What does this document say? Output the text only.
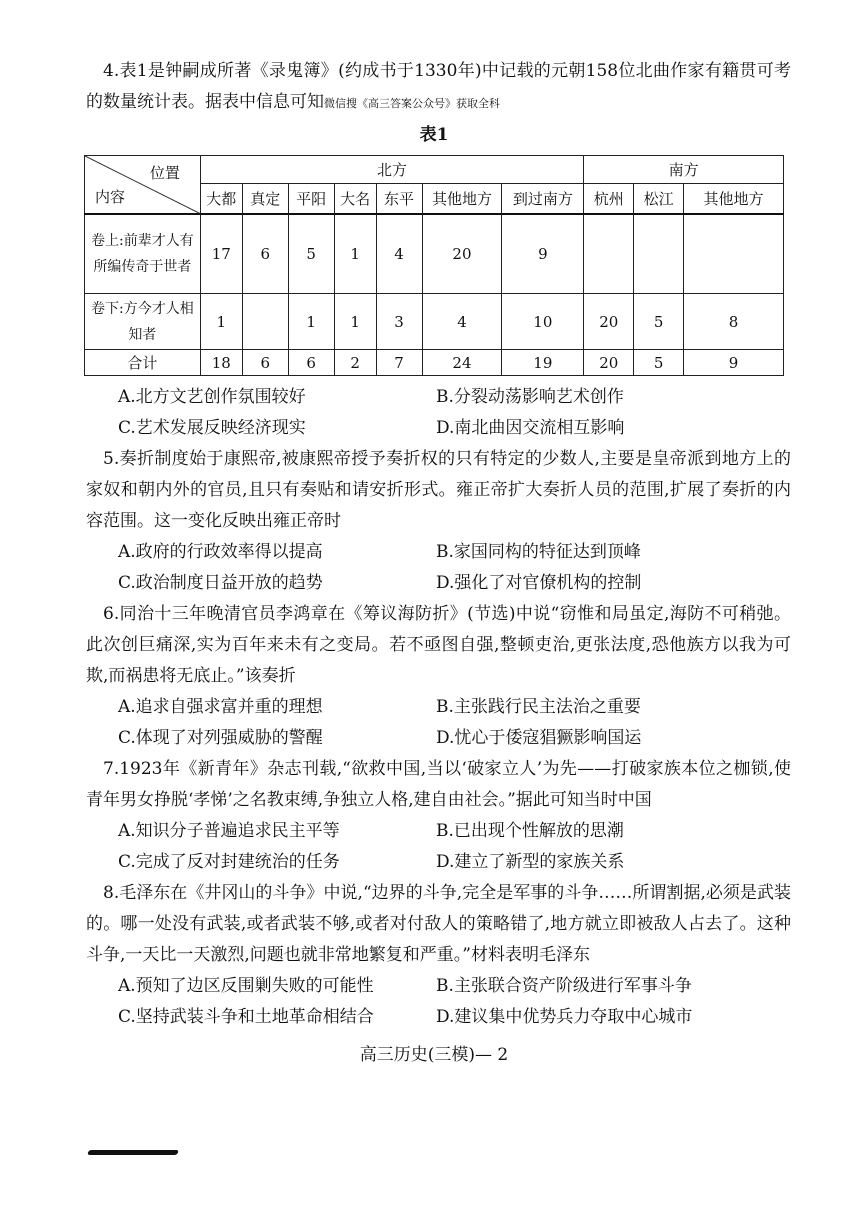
4.表1是钟嗣成所著《录鬼簿》(约成书于1330年)中记载的元朝158位北曲作家有籍贯可考的数量统计表。据表中信息可知微信搜《高三答案公众号》获取全科

表1
位置
内容	北方							南方		
	大都	真定	平阳	大名	东平	其他地方	到过南方	杭州	松江	其他地方
卷上:前辈才人有所编传奇于世者	17	6	5	1	4	20	9			
卷下:方今才人相知者	1		1	1	3	4	10	20	5	8
合计	18	6	6	2	7	24	19	20	5	9
A.北方文艺创作氛围较好	B.分裂动荡影响艺术创作
C.艺术发展反映经济现实	D.南北曲因交流相互影响

5.奏折制度始于康熙帝,被康熙帝授予奏折权的只有特定的少数人,主要是皇帝派到地方上的家奴和朝内外的官员,且只有奏贴和请安折形式。雍正帝扩大奏折人员的范围,扩展了奏折的内容范围。这一变化反映出雍正帝时

A.政府的行政效率得以提高	B.家国同构的特征达到顶峰
C.政治制度日益开放的趋势	D.强化了对官僚机构的控制

6.同治十三年晚清官员李鸿章在《筹议海防折》(节选)中说“窃惟和局虽定,海防不可稍弛。此次创巨痛深,实为百年来未有之变局。若不亟图自强,整顿吏治,更张法度,恐他族方以我为可欺,而祸患将无底止。”该奏折

A.追求自强求富并重的理想	B.主张践行民主法治之重要
C.体现了对列强威胁的警醒	D.忧心于倭寇猖獗影响国运

7.1923年《新青年》杂志刊载,“欲救中国,当以‘破家立人’为先——打破家族本位之枷锁,使青年男女挣脱‘孝悌’之名教束缚,争独立人格,建自由社会。”据此可知当时中国

A.知识分子普遍追求民主平等	B.已出现个性解放的思潮
C.完成了反对封建统治的任务	D.建立了新型的家族关系

8.毛泽东在《井冈山的斗争》中说,“边界的斗争,完全是军事的斗争……所谓割据,必须是武装的。哪一处没有武装,或者武装不够,或者对付敌人的策略错了,地方就立即被敌人占去了。这种斗争,一天比一天激烈,问题也就非常地繁复和严重。”材料表明毛泽东

A.预知了边区反围剿失败的可能性	B.主张联合资产阶级进行军事斗争
C.坚持武装斗争和土地革命相结合	D.建议集中优势兵力夺取中心城市
高三历史(三模)— 2
